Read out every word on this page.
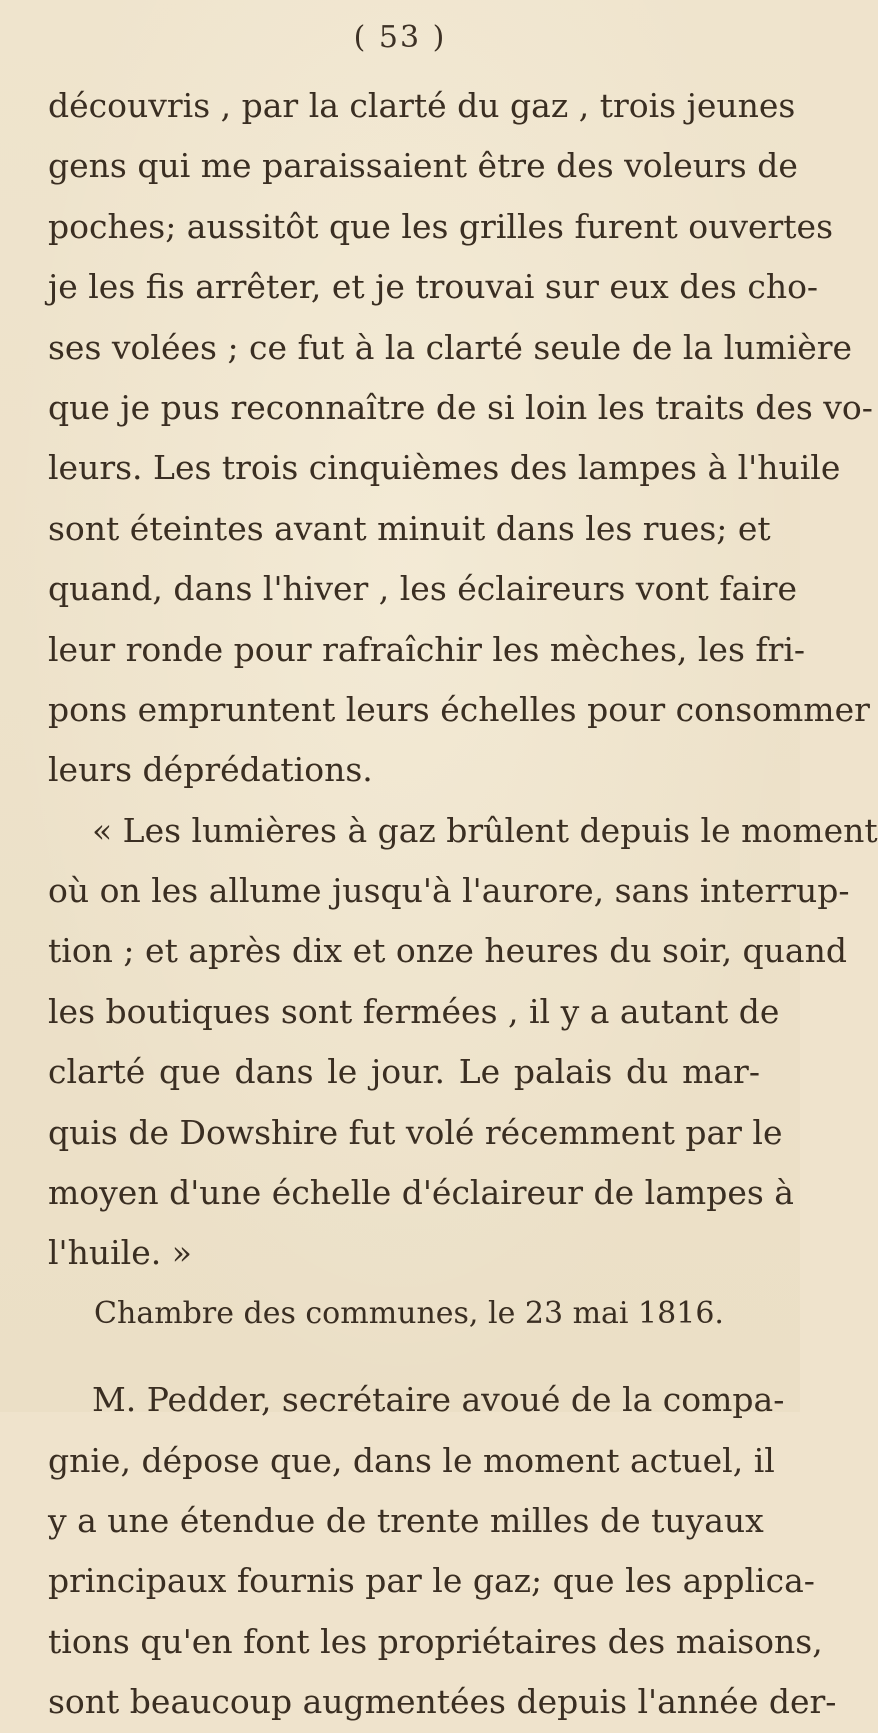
( 53 )
découvris , par la clarté du gaz , trois jeunes
gens qui me paraissaient être des voleurs de
poches; aussitôt que les grilles furent ouvertes
je les fis arrêter, et je trouvai sur eux des cho-
ses volées ; ce fut à la clarté seule de la lumière
que je pus reconnaître de si loin les traits des vo-
leurs. Les trois cinquièmes des lampes à l'huile
sont éteintes avant minuit dans les rues; et
quand, dans l'hiver , les éclaireurs vont faire
leur ronde pour rafraîchir les mèches, les fri-
pons empruntent leurs échelles pour consommer
leurs déprédations.
« Les lumières à gaz brûlent depuis le moment
où on les allume jusqu'à l'aurore, sans interrup-
tion ; et après dix et onze heures du soir, quand
les boutiques sont fermées , il y a autant de
clarté que dans le jour. Le palais du mar-
quis de Dowshire fut volé récemment par le
moyen d'une échelle d'éclaireur de lampes à
l'huile. »
Chambre des communes, le 23 mai 1816.
M. Pedder, secrétaire avoué de la compa-
gnie, dépose que, dans le moment actuel, il
y a une étendue de trente milles de tuyaux
principaux fournis par le gaz; que les applica-
tions qu'en font les propriétaires des maisons,
sont beaucoup augmentées depuis l'année der-
